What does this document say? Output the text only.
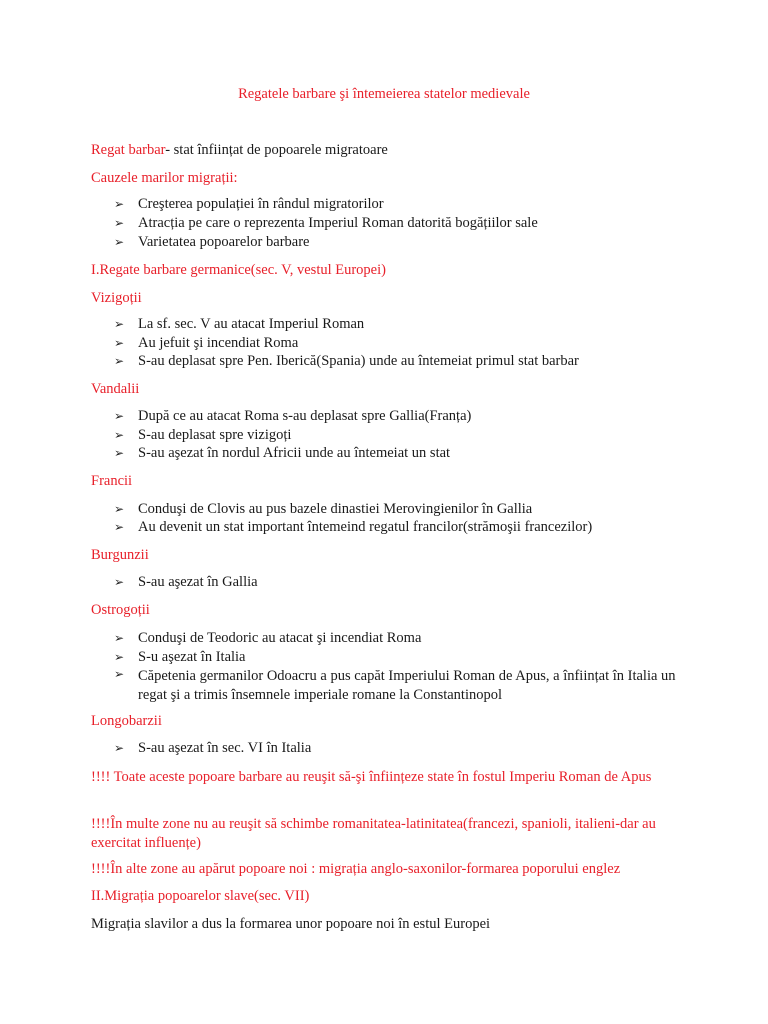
Regatele barbare şi întemeierea statelor medievale
Regat barbar- stat înființat de popoarele migratoare
Cauzele marilor migrații:
➢ Creşterea populației în rândul migratorilor
➢ Atracția pe care o reprezenta Imperiul Roman datorită bogățiilor sale
➢ Varietatea popoarelor barbare
I.Regate barbare germanice(sec. V, vestul Europei)
Vizigoții
➢ La sf. sec. V au atacat Imperiul Roman
➢ Au jefuit şi incendiat Roma
➢ S-au deplasat spre Pen. Iberică(Spania) unde au întemeiat primul stat barbar
Vandalii
➢ După ce au atacat Roma s-au deplasat spre Gallia(Franța)
➢ S-au deplasat spre vizigoți
➢ S-au aşezat în nordul Africii unde au întemeiat un stat
Francii
➢ Conduşi de Clovis au pus bazele dinastiei Merovingienilor în Gallia
➢ Au devenit un stat important întemeind regatul francilor(strămoşii francezilor)
Burgunzii
➢ S-au aşezat în Gallia
Ostrogoții
➢ Conduşi de Teodoric au atacat şi incendiat Roma
➢ S-u aşezat în Italia
➢ Căpetenia germanilor Odoacru a pus capăt Imperiului Roman de Apus, a înființat în Italia un regat şi a trimis însemnele imperiale romane la Constantinopol
Longobarzii
➢ S-au aşezat în sec. VI în Italia
!!!! Toate aceste popoare barbare au reuşit să-şi înființeze state în fostul Imperiu Roman de Apus
!!!!În multe zone nu au reuşit să schimbe romanitatea-latinitatea(francezi, spanioli, italieni-dar au exercitat influențe)
!!!!În alte zone au apărut popoare noi : migrația anglo-saxonilor-formarea poporului englez
II.Migrația popoarelor slave(sec. VII)
Migrația slavilor a dus la formarea unor popoare noi în estul Europei
